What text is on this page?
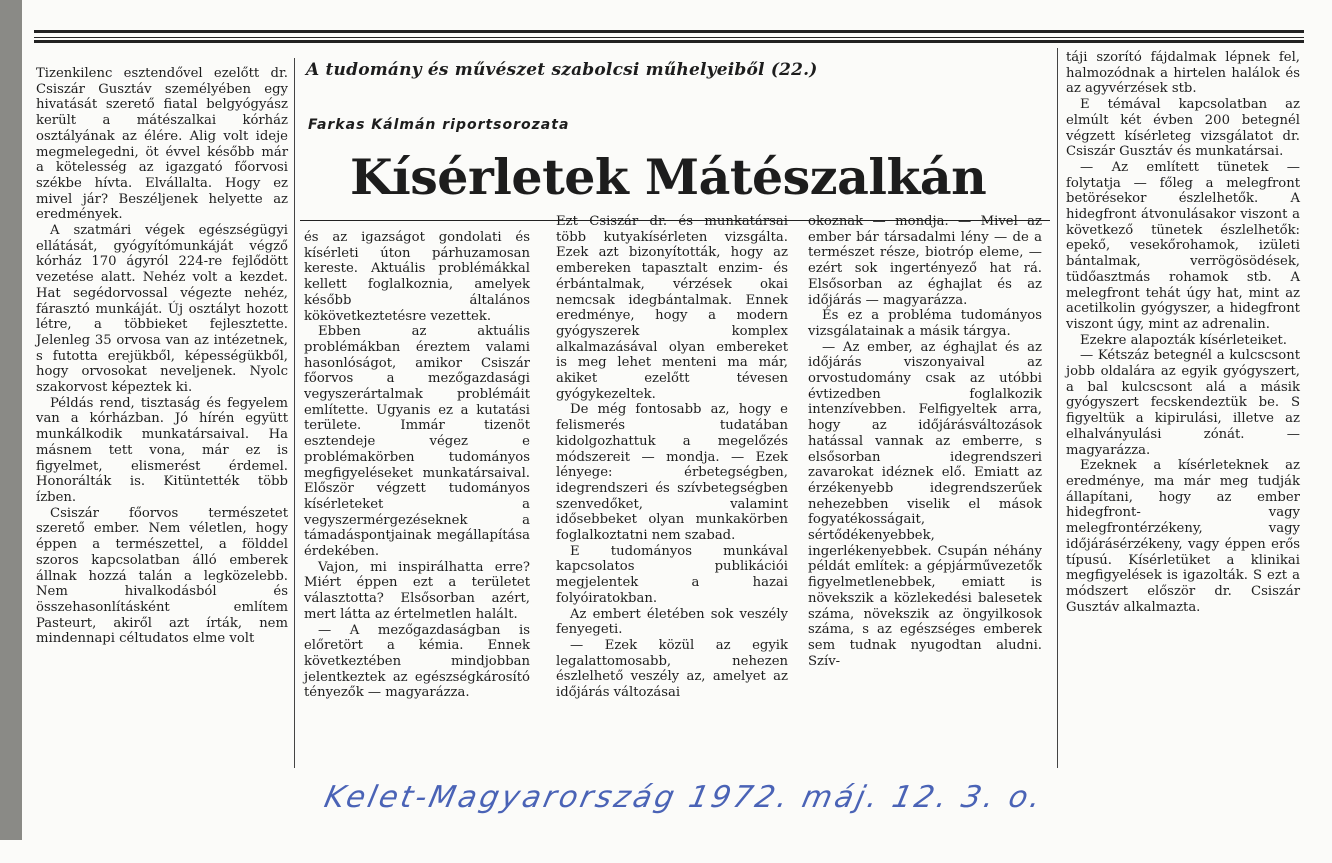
A tudomány és művészet szabolcsi műhelyeiből (22.)
Farkas Kálmán riportsorozata
Kísérletek Mátészalkán

Tizenkilenc esztendővel ezelőtt dr. Csiszár Gusztáv személyében egy hivatását szerető fiatal belgyógyász került a mátészalkai kórház osztályának az élére. Alig volt ideje megmelegedni, öt évvel később már a kötelesség az igazgató főorvosi székbe hívta. Elvállalta. Hogy ez mivel jár? Beszéljenek helyette az eredmények.

A szatmári végek egészségügyi ellátását, gyógyítómunkáját végző kórház 170 ágyról 224-re fejlődött vezetése alatt. Nehéz volt a kezdet. Hat segédorvossal végezte nehéz, fárasztó munkáját. Új osztályt hozott létre, a többieket fejlesztette. Jelenleg 35 orvosa van az intézetnek, s futotta erejükből, képességükből, hogy orvosokat neveljenek. Nyolc szakorvost képeztek ki.

Példás rend, tisztaság és fegyelem van a kórházban. Jó hírén együtt munkálkodik munkatársaival. Ha másnem tett vona, már ez is figyelmet, elismerést érdemel. Honorálták is. Kitüntették több ízben.

Csiszár főorvos természetet szerető ember. Nem véletlen, hogy éppen a természettel, a földdel szoros kapcsolatban álló emberek állnak hozzá talán a legközelebb. Nem hivalkodásból és összehasonlításként említem Pasteurt, akiről azt írták, nem mindennapi céltudatos elme volt

és az igazságot gondolati és kísérleti úton párhuzamosan kereste. Aktuális problémákkal kellett foglalkoznia, amelyek később általános kökövetkeztetésre vezettek.

Ebben az aktuális problémákban éreztem valami hasonlóságot, amikor Csiszár főorvos a mezőgazdasági vegyszerártalmak problémáit említette. Ugyanis ez a kutatási területe. Immár tizenöt esztendeje végez e problémakörben tudományos megfigyeléseket munkatársaival. Először végzett tudományos kísérleteket a vegyszermérgezéseknek a támadáspontjainak megállapítása érdekében.

Vajon, mi inspirálhatta erre? Miért éppen ezt a területet választotta? Elsősorban azért, mert látta az értelmetlen halált.

— A mezőgazdaságban is előretört a kémia. Ennek következtében mindjobban jelentkeztek az egészségkárosító tényezők — magyarázza.

Ezt Csiszár dr. és munkatársai több kutyakísérleten vizsgálta. Ezek azt bizonyították, hogy az embereken tapasztalt enzim- és érbántalmak, vérzések okai nemcsak idegbántalmak. Ennek eredménye, hogy a modern gyógyszerek komplex alkalmazásával olyan embereket is meg lehet menteni ma már, akiket ezelőtt tévesen gyógykezeltek.

De még fontosabb az, hogy e felismerés tudatában kidolgozhattuk a megelőzés módszereit — mondja. — Ezek lényege: érbetegségben, idegrendszeri és szívbetegségben szenvedőket, valamint idősebbeket olyan munkakörben foglalkoztatni nem szabad.

E tudományos munkával kapcsolatos publikációi megjelentek a hazai folyóiratokban.

Az embert életében sok veszély fenyegeti.

— Ezek közül az egyik legalattomosabb, nehezen észlelhető veszély az, amelyet az időjárás változásai

okoznak — mondja. — Mivel az ember bár társadalmi lény — de a természet része, biotróp eleme, — ezért sok ingertényező hat rá. Elsősorban az éghajlat és az időjárás — magyarázza.

És ez a probléma tudományos vizsgálatainak a másik tárgya.

— Az ember, az éghajlat és az időjárás viszonyaival az orvostudomány csak az utóbbi évtizedben foglalkozik intenzívebben. Felfigyeltek arra, hogy az időjárásváltozások hatással vannak az emberre, s elsősorban idegrendszeri zavarokat idéznek elő. Emiatt az érzékenyebb idegrendszerűek nehezebben viselik el mások fogyatékosságait, sértődékenyebbek, ingerlékenyebbek. Csupán néhány példát említek: a gépjárművezetők figyelmetlenebbek, emiatt is növekszik a közlekedési balesetek száma, növekszik az öngyilkosok száma, s az egészséges emberek sem tudnak nyugodtan aludni. Szív-

táji szorító fájdalmak lépnek fel, halmozódnak a hirtelen halálok és az agyvérzések stb.

E témával kapcsolatban az elmúlt két évben 200 betegnél végzett kísérleteg vizsgálatot dr. Csiszár Gusztáv és munkatársai.

— Az említett tünetek — folytatja — főleg a melegfront betörésekor észlelhetők. A hidegfront átvonulásakor viszont a következő tünetek észlelhetők: epekő, vesekőrohamok, izületi bántalmak, verrögösödések, tüdőasztmás rohamok stb. A melegfront tehát úgy hat, mint az acetilkolin gyógyszer, a hidegfront viszont úgy, mint az adrenalin.

Ezekre alapozták kísérleteiket.

— Kétszáz betegnél a kulcscsont jobb oldalára az egyik gyógyszert, a bal kulcscsont alá a másik gyógyszert fecskendeztük be. S figyeltük a kipirulási, illetve az elhalványulási zónát. — magyarázza.

Ezeknek a kísérleteknek az eredménye, ma már meg tudják állapítani, hogy az ember hidegfront- vagy melegfrontérzékeny, vagy időjárásérzékeny, vagy éppen erős típusú. Kísérletüket a klinikai megfigyelések is igazolták. S ezt a módszert először dr. Csiszár Gusztáv alkalmazta.

Kelet-Magyarország 1972. máj. 12. 3. o.
